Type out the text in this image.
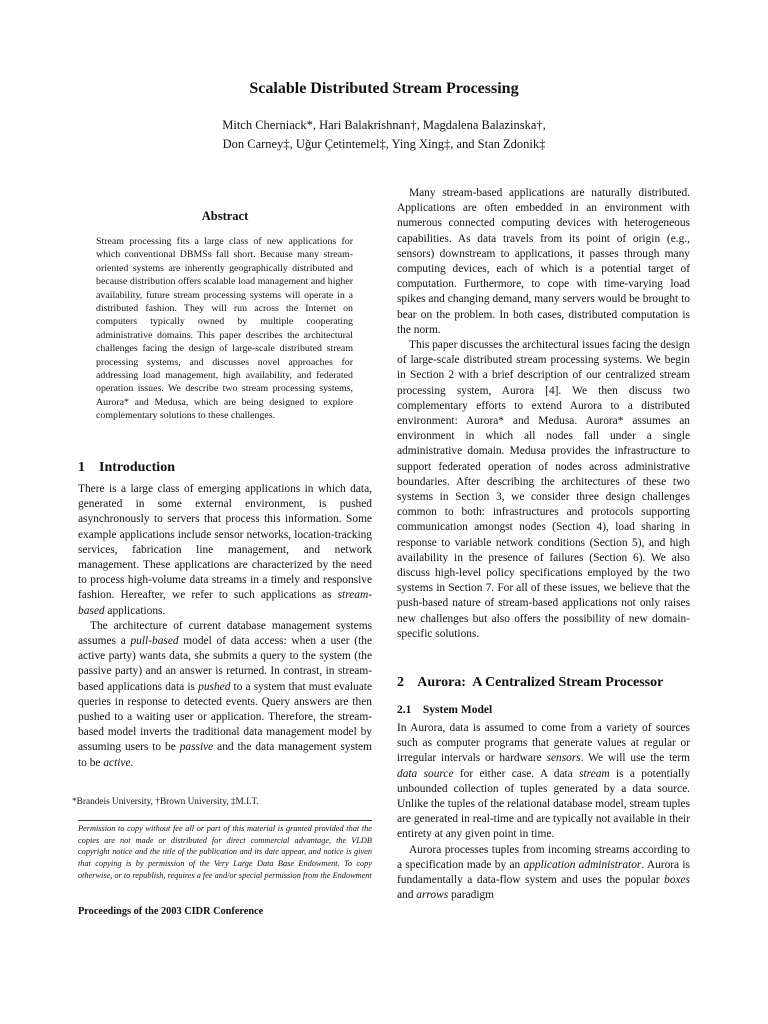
Scalable Distributed Stream Processing
Mitch Cherniack*, Hari Balakrishnan†, Magdalena Balazinska†,
Don Carney‡, Uğur Çetintemel‡, Ying Xing‡, and Stan Zdonik‡
Abstract
Stream processing fits a large class of new applications for which conventional DBMSs fall short. Because many stream-oriented systems are inherently geographically distributed and because distribution offers scalable load management and higher availability, future stream processing systems will operate in a distributed fashion. They will run across the Internet on computers typically owned by multiple cooperating administrative domains. This paper describes the architectural challenges facing the design of large-scale distributed stream processing systems, and discusses novel approaches for addressing load management, high availability, and federated operation issues. We describe two stream processing systems, Aurora* and Medusa, which are being designed to explore complementary solutions to these challenges.
1    Introduction

There is a large class of emerging applications in which data, generated in some external environment, is pushed asynchronously to servers that process this information. Some example applications include sensor networks, location-tracking services, fabrication line management, and network management. These applications are characterized by the need to process high-volume data streams in a timely and responsive fashion. Hereafter, we refer to such applications as stream-based applications.

The architecture of current database management systems assumes a pull-based model of data access: when a user (the active party) wants data, she submits a query to the system (the passive party) and an answer is returned. In contrast, in stream-based applications data is pushed to a system that must evaluate queries in response to detected events. Query answers are then pushed to a waiting user or application. Therefore, the stream-based model inverts the traditional data management model by assuming users to be passive and the data management system to be active.

*Brandeis University, †Brown University, ‡M.I.T.
Permission to copy without fee all or part of this material is granted provided that the copies are not made or distributed for direct commercial advantage, the VLDB copyright notice and the title of the publication and its date appear, and notice is given that copying is by permission of the Very Large Data Base Endowment. To copy otherwise, or to republish, requires a fee and/or special permission from the Endowment
Proceedings of the 2003 CIDR Conference

Many stream-based applications are naturally distributed. Applications are often embedded in an environment with numerous connected computing devices with heterogeneous capabilities. As data travels from its point of origin (e.g., sensors) downstream to applications, it passes through many computing devices, each of which is a potential target of computation. Furthermore, to cope with time-varying load spikes and changing demand, many servers would be brought to bear on the problem. In both cases, distributed computation is the norm.

This paper discusses the architectural issues facing the design of large-scale distributed stream processing systems. We begin in Section 2 with a brief description of our centralized stream processing system, Aurora [4]. We then discuss two complementary efforts to extend Aurora to a distributed environment: Aurora* and Medusa. Aurora* assumes an environment in which all nodes fall under a single administrative domain. Medusa provides the infrastructure to support federated operation of nodes across administrative boundaries. After describing the architectures of these two systems in Section 3, we consider three design challenges common to both: infrastructures and protocols supporting communication amongst nodes (Section 4), load sharing in response to variable network conditions (Section 5), and high availability in the presence of failures (Section 6). We also discuss high-level policy specifications employed by the two systems in Section 7. For all of these issues, we believe that the push-based nature of stream-based applications not only raises new challenges but also offers the possibility of new domain-specific solutions.

2    Aurora:  A Centralized Stream Processor
2.1    System Model

In Aurora, data is assumed to come from a variety of sources such as computer programs that generate values at regular or irregular intervals or hardware sensors. We will use the term data source for either case. A data stream is a potentially unbounded collection of tuples generated by a data source. Unlike the tuples of the relational database model, stream tuples are generated in real-time and are typically not available in their entirety at any given point in time.

Aurora processes tuples from incoming streams according to a specification made by an application administrator. Aurora is fundamentally a data-flow system and uses the popular boxes and arrows paradigm
